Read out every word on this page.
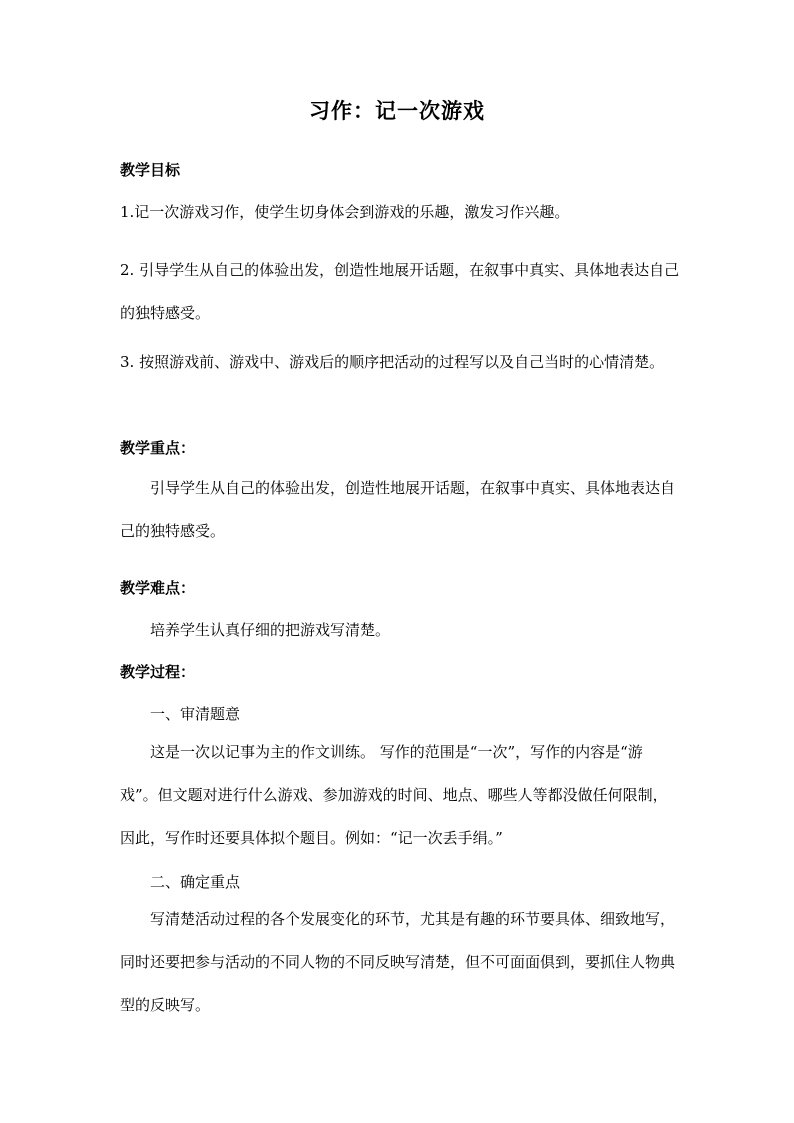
习作：记一次游戏
教学目标
1.记一次游戏习作，使学生切身体会到游戏的乐趣，激发习作兴趣。

2. 引导学生从自己的体验出发，创造性地展开话题，在叙事中真实、具体地表达自己的独特感受。

3. 按照游戏前、游戏中、游戏后的顺序把活动的过程写以及自己当时的心情清楚。

教学重点：

引导学生从自己的体验出发，创造性地展开话题，在叙事中真实、具体地表达自己的独特感受。

教学难点：
培养学生认真仔细的把游戏写清楚。
教学过程：
一、审清题意

这是一次以记事为主的作文训练。 写作的范围是“一次”，写作的内容是“游戏”。但文题对进行什么游戏、参加游戏的时间、地点、哪些人等都没做任何限制，因此，写作时还要具体拟个题目。例如：“记一次丢手绢。”

二、确定重点

写清楚活动过程的各个发展变化的环节，尤其是有趣的环节要具体、细致地写，同时还要把参与活动的不同人物的不同反映写清楚，但不可面面俱到，要抓住人物典型的反映写。
